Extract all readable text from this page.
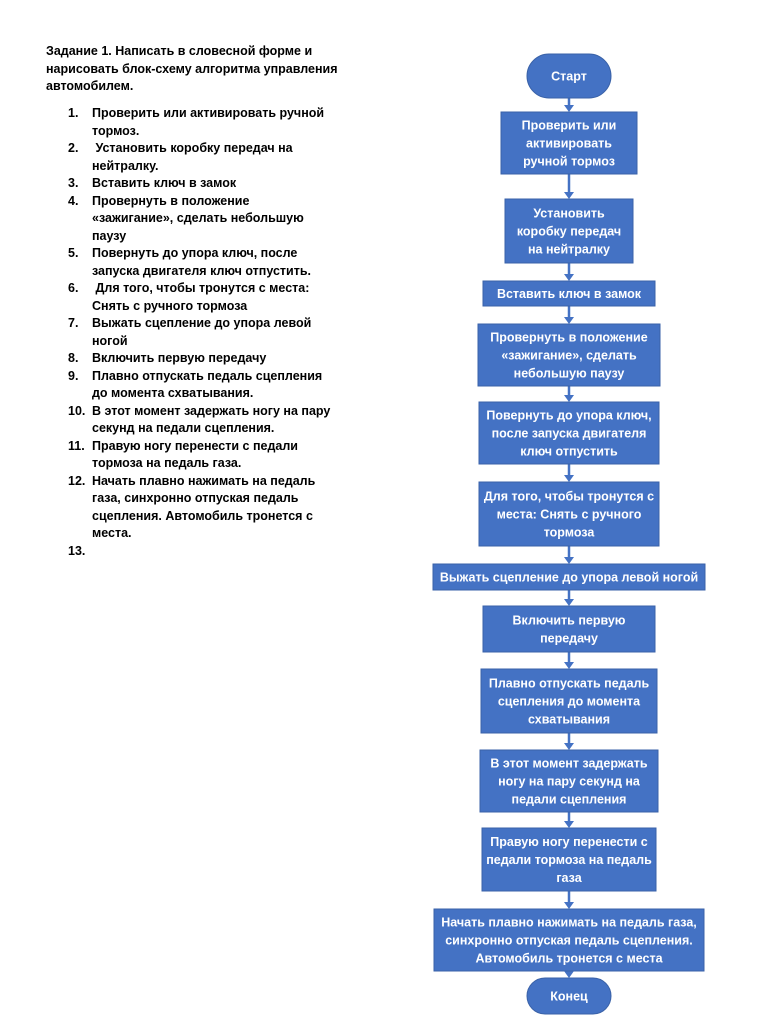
Задание 1. Написать в словесной форме и
нарисовать блок-схему алгоритма управления
автомобилем.
1. Проверить или активировать ручной
тормоз.
2. Установить коробку передач на
нейтралку.
3. Вставить ключ в замок
4. Провернуть в положение
«зажигание», сделать небольшую
паузу
5. Повернуть до упора ключ, после
запуска двигателя ключ отпустить.
6. Для того, чтобы тронутся с места:
Снять с ручного тормоза
7. Выжать сцепление до упора левой
ногой
8. Включить первую передачу
9. Плавно отпускать педаль сцепления
до момента схватывания.
10. В этот момент задержать ногу на пару
секунд на педали сцепления.
11. Правую ногу перенести с педали
тормоза на педаль газа.
12. Начать плавно нажимать на педаль
газа, синхронно отпуская педаль
сцепления. Автомобиль тронется с
места.
13.
Старт
Проверить или активировать ручной тормоз
Установить коробку передач на нейтралку
Вставить ключ в замок
Провернуть в положение «зажигание», сделать небольшую паузу
Повернуть до упора ключ, после запуска двигателя ключ отпустить
Для того, чтобы тронутся с места: Снять с ручного тормоза
Выжать сцепление до упора левой ногой
Включить первую передачу
Плавно отпускать педаль сцепления до момента схватывания
В этот момент задержать ногу на пару секунд на педали сцепления
Правую ногу перенести с педали тормоза на педаль газа
Начать плавно нажимать на педаль газа, синхронно отпуская педаль сцепления. Автомобиль тронется с места
Конец
